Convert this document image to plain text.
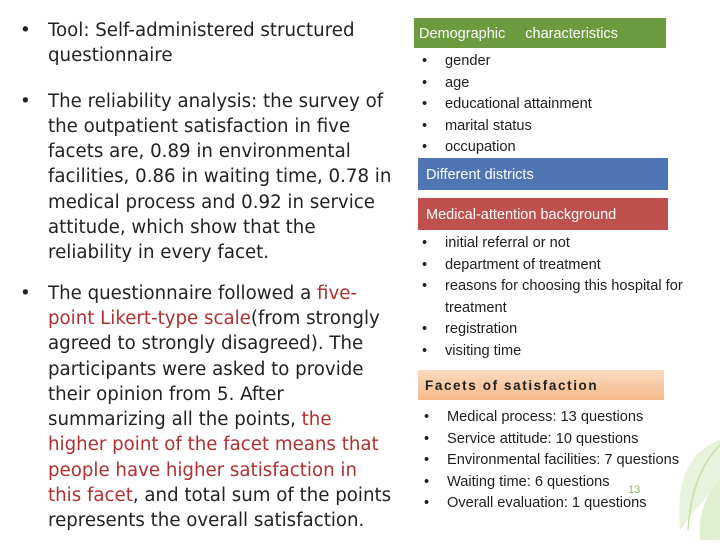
• Tool: Self-administered structured questionnaire
• The reliability analysis: the survey of the outpatient satisfaction in five facets are, 0.89 in environmental facilities, 0.86 in waiting time, 0.78 in medical process and 0.92 in service attitude, which show that the reliability in every facet.
• The questionnaire followed a five-point Likert-type scale(from strongly agreed to strongly disagreed). The participants were asked to provide their opinion from 5. After summarizing all the points, the higher point of the facet means that people have higher satisfaction in this facet, and total sum of the points represents the overall satisfaction.
Demographic characteristics
• gender
• age
• educational attainment
• marital status
• occupation
Different districts
Medical-attention background
• initial referral or not
• department of treatment
• reasons for choosing this hospital for treatment
• registration
• visiting time
Facets of satisfaction
• Medical process: 13 questions
• Service attitude: 10 questions
• Environmental facilities: 7 questions
• Waiting time: 6 questions
• Overall evaluation: 1 questions
13
